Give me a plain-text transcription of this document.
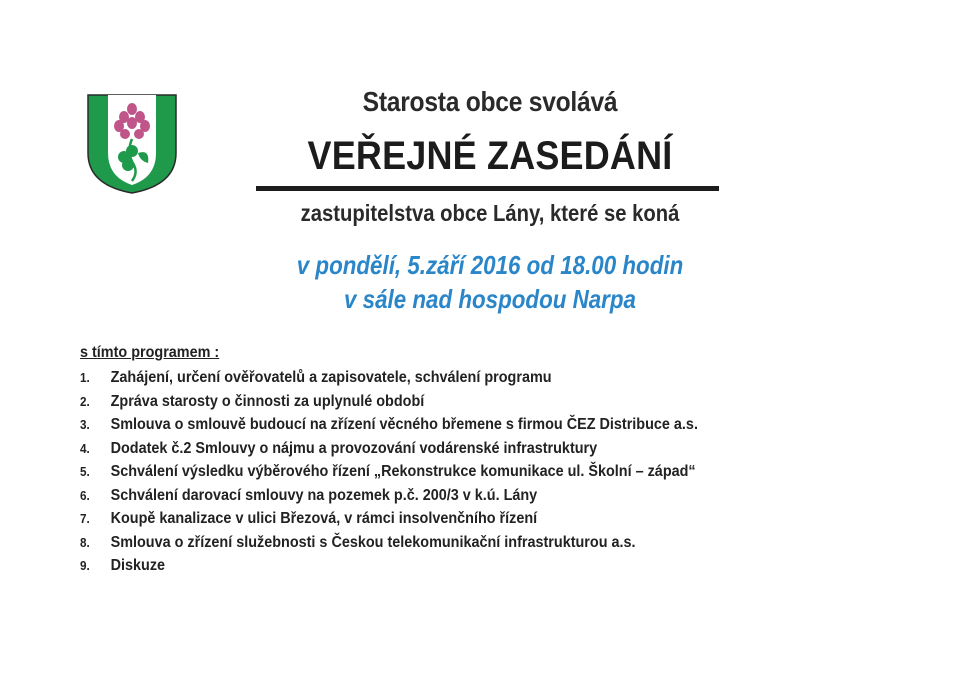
Starosta obce svolává
VEŘEJNÉ ZASEDÁNÍ
zastupitelstva obce Lány, které se koná
v pondělí, 5.září 2016 od 18.00 hodin
v sále nad hospodou Narpa
s tímto programem :
1. Zahájení, určení ověřovatelů a zapisovatele, schválení programu
2. Zpráva starosty o činnosti za uplynulé období
3. Smlouva o smlouvě budoucí na zřízení věcného břemene s firmou ČEZ Distribuce a.s.
4. Dodatek č.2 Smlouvy o nájmu a provozování vodárenské infrastruktury
5. Schválení výsledku výběrového řízení „Rekonstrukce komunikace ul. Školní – západ“
6. Schválení darovací smlouvy na pozemek p.č. 200/3 v k.ú. Lány
7. Koupě kanalizace v ulici Březová, v rámci insolvenčního řízení
8. Smlouva o zřízení služebnosti s Českou telekomunikační infrastrukturou a.s.
9. Diskuze
